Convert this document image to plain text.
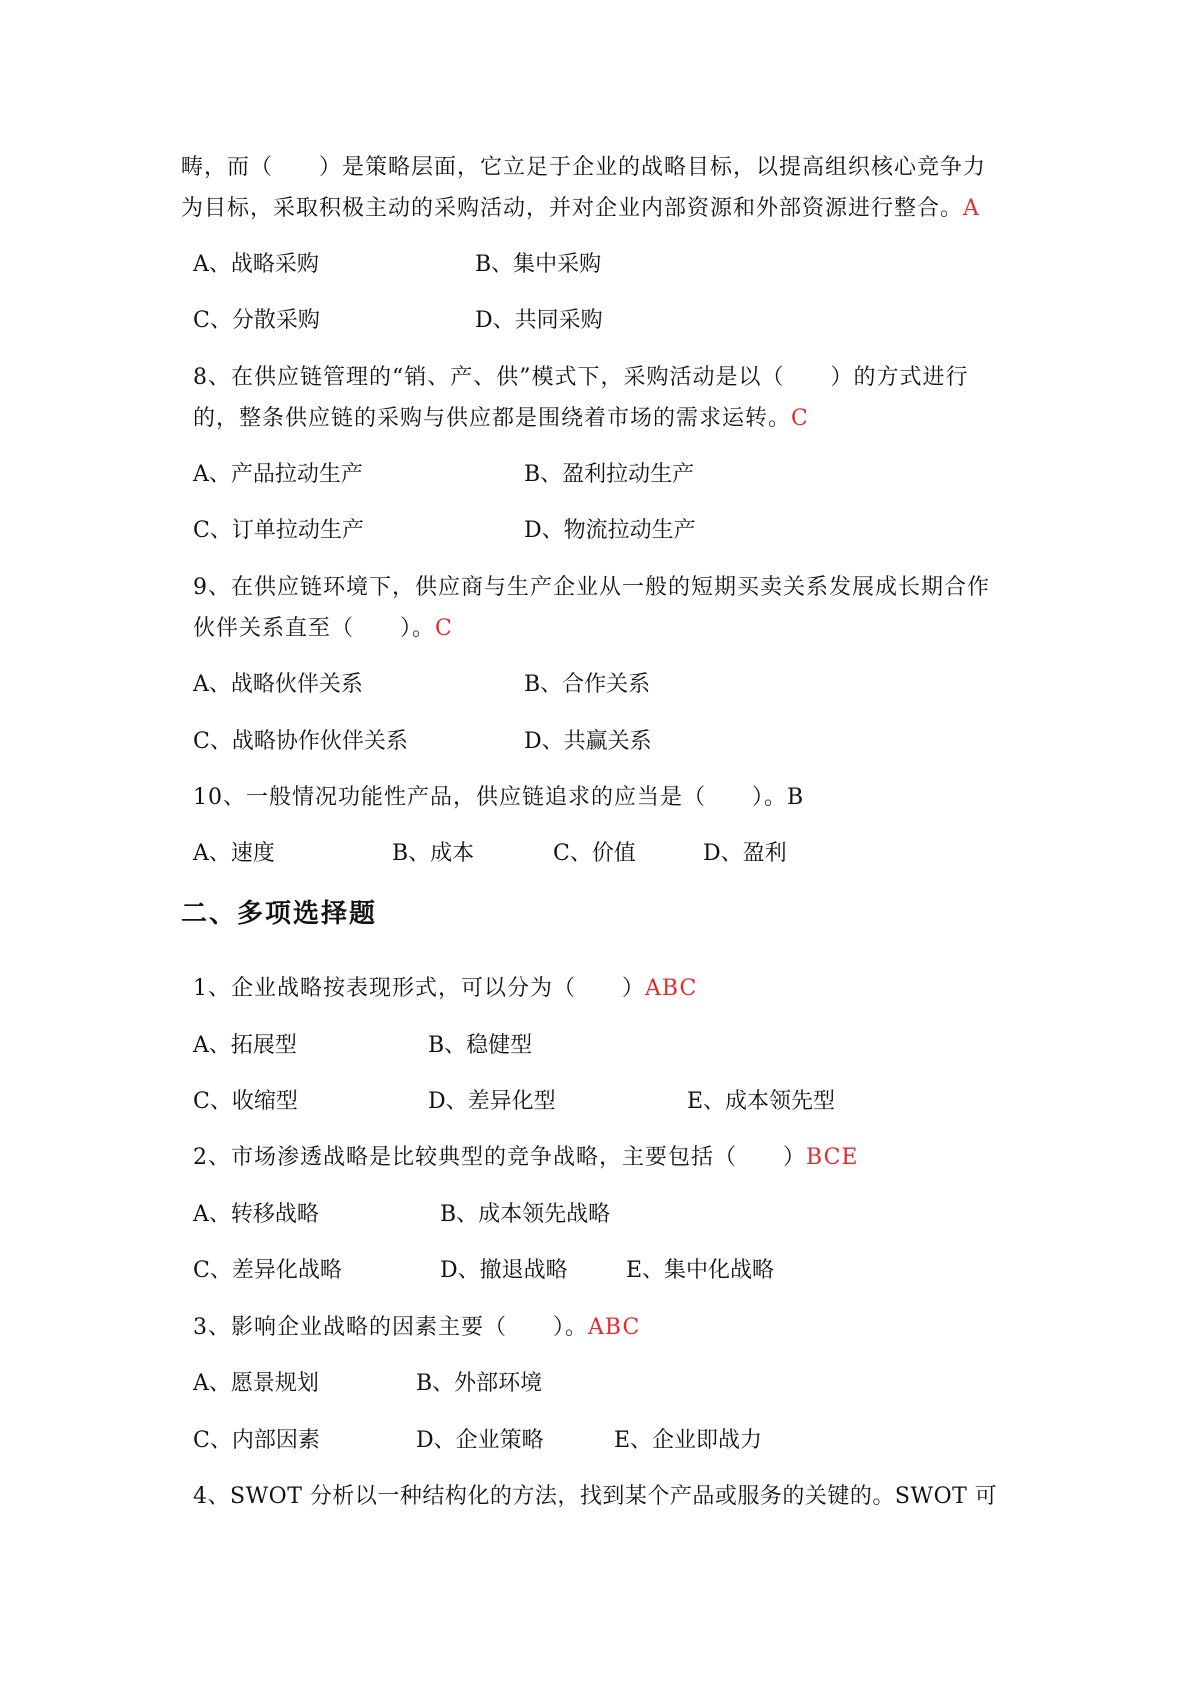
畴，而（　　）是策略层面，它立足于企业的战略目标，以提高组织核心竞争力
为目标，采取积极主动的采购活动，并对企业内部资源和外部资源进行整合。A
A、战略采购	B、集中采购
C、分散采购	D、共同采购
8、在供应链管理的“销、产、供”模式下，采购活动是以（　　）的方式进行
的，整条供应链的采购与供应都是围绕着市场的需求运转。C
A、产品拉动生产	B、盈利拉动生产
C、订单拉动生产	D、物流拉动生产
9、在供应链环境下，供应商与生产企业从一般的短期买卖关系发展成长期合作
伙伴关系直至（　　）。C
A、战略伙伴关系	B、合作关系
C、战略协作伙伴关系	D、共赢关系
10、一般情况功能性产品，供应链追求的应当是（　　）。B
A、速度	B、成本	C、价值	D、盈利
二、多项选择题
1、企业战略按表现形式，可以分为（　　）ABC
A、拓展型	B、稳健型
C、收缩型	D、差异化型	E、成本领先型
2、市场渗透战略是比较典型的竞争战略，主要包括（　　）BCE
A、转移战略	B、成本领先战略
C、差异化战略	D、撤退战略	E、集中化战略
3、影响企业战略的因素主要（　　）。ABC
A、愿景规划	B、外部环境
C、内部因素	D、企业策略	E、企业即战力
4、SWOT 分析以一种结构化的方法，找到某个产品或服务的关键的。SWOT 可
